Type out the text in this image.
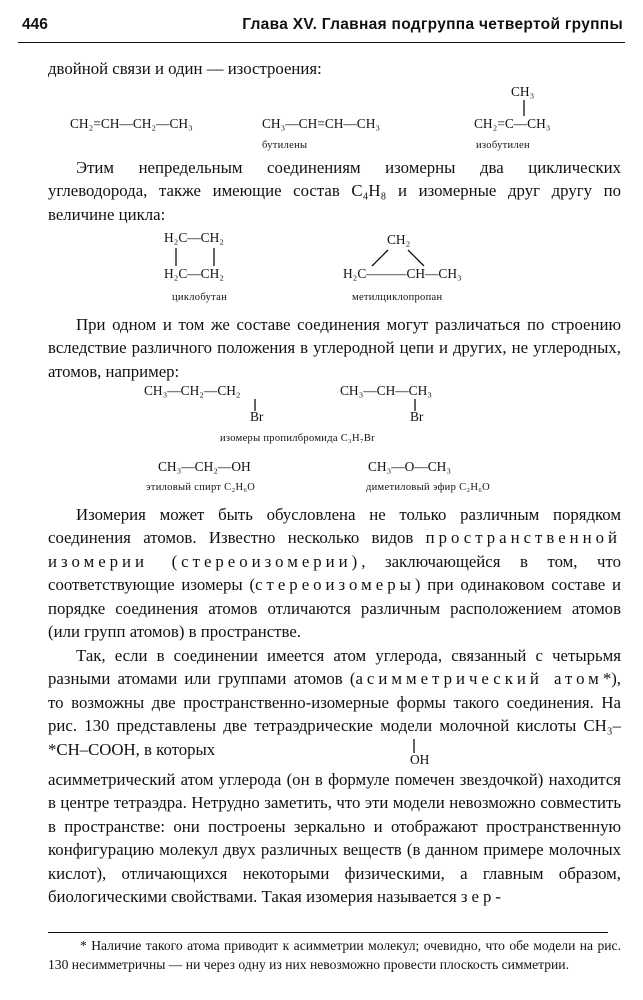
446	Глава XV. Главная подгруппа четвертой группы
двойной связи и один — изостроения:
CH₂=CH—CH₂—CH₃	CH₃—CH=CH—CH₃
CH₃
CH₂=C—CH₃
бутилены	изобутилен
Этим непредельным соединениям изомерны два циклических углеводорода, также имеющие состав C₄H₈ и изомерные друг другу по величине цикла:
H₂C—CH₂
H₂C—CH₂
CH₂
H₂C———CH—CH₃
циклобутан	метилциклопропан
При одном и том же составе соединения могут различаться по строению вследствие различного положения в углеродной цепи и других, не углеродных, атомов, например:
CH₃—CH₂—CH₂
Br
CH₃—CH—CH₃
Br
изомеры пропилбромида C₃H₇Br
CH₃—CH₂—OH	CH₃—O—CH₃
этиловый спирт C₂H₆O	диметиловый эфир C₂H₆O
Изомерия может быть обусловлена не только различным порядком соединения атомов. Известно несколько видов пространственной изомерии (стереоизомерии), заключающейся в том, что соответствующие изомеры (стереоизомеры) при одинаковом составе и порядке соединения атомов отличаются различным расположением атомов (или групп атомов) в пространстве.
Так, если в соединении имеется атом углерода, связанный с четырьмя разными атомами или группами атомов (асимметрический атом*), то возможны две пространственно-изомерные формы такого соединения. На рис. 130 представлены две тетраэдрические модели молочной кислоты CH₃–*CH–COOH, в которых
OH
асимметрический атом углерода (он в формуле помечен звездочкой) находится в центре тетраэдра. Нетрудно заметить, что эти модели невозможно совместить в пространстве: они построены зеркально и отображают пространственную конфигурацию молекул двух различных веществ (в данном примере молочных кислот), отличающихся некоторыми физическими, а главным образом, биологическими свойствами. Такая изомерия называется зер-
* Наличие такого атома приводит к асимметрии молекул; очевидно, что обе модели на рис. 130 несимметричны — ни через одну из них невозможно провести плоскость симметрии.
